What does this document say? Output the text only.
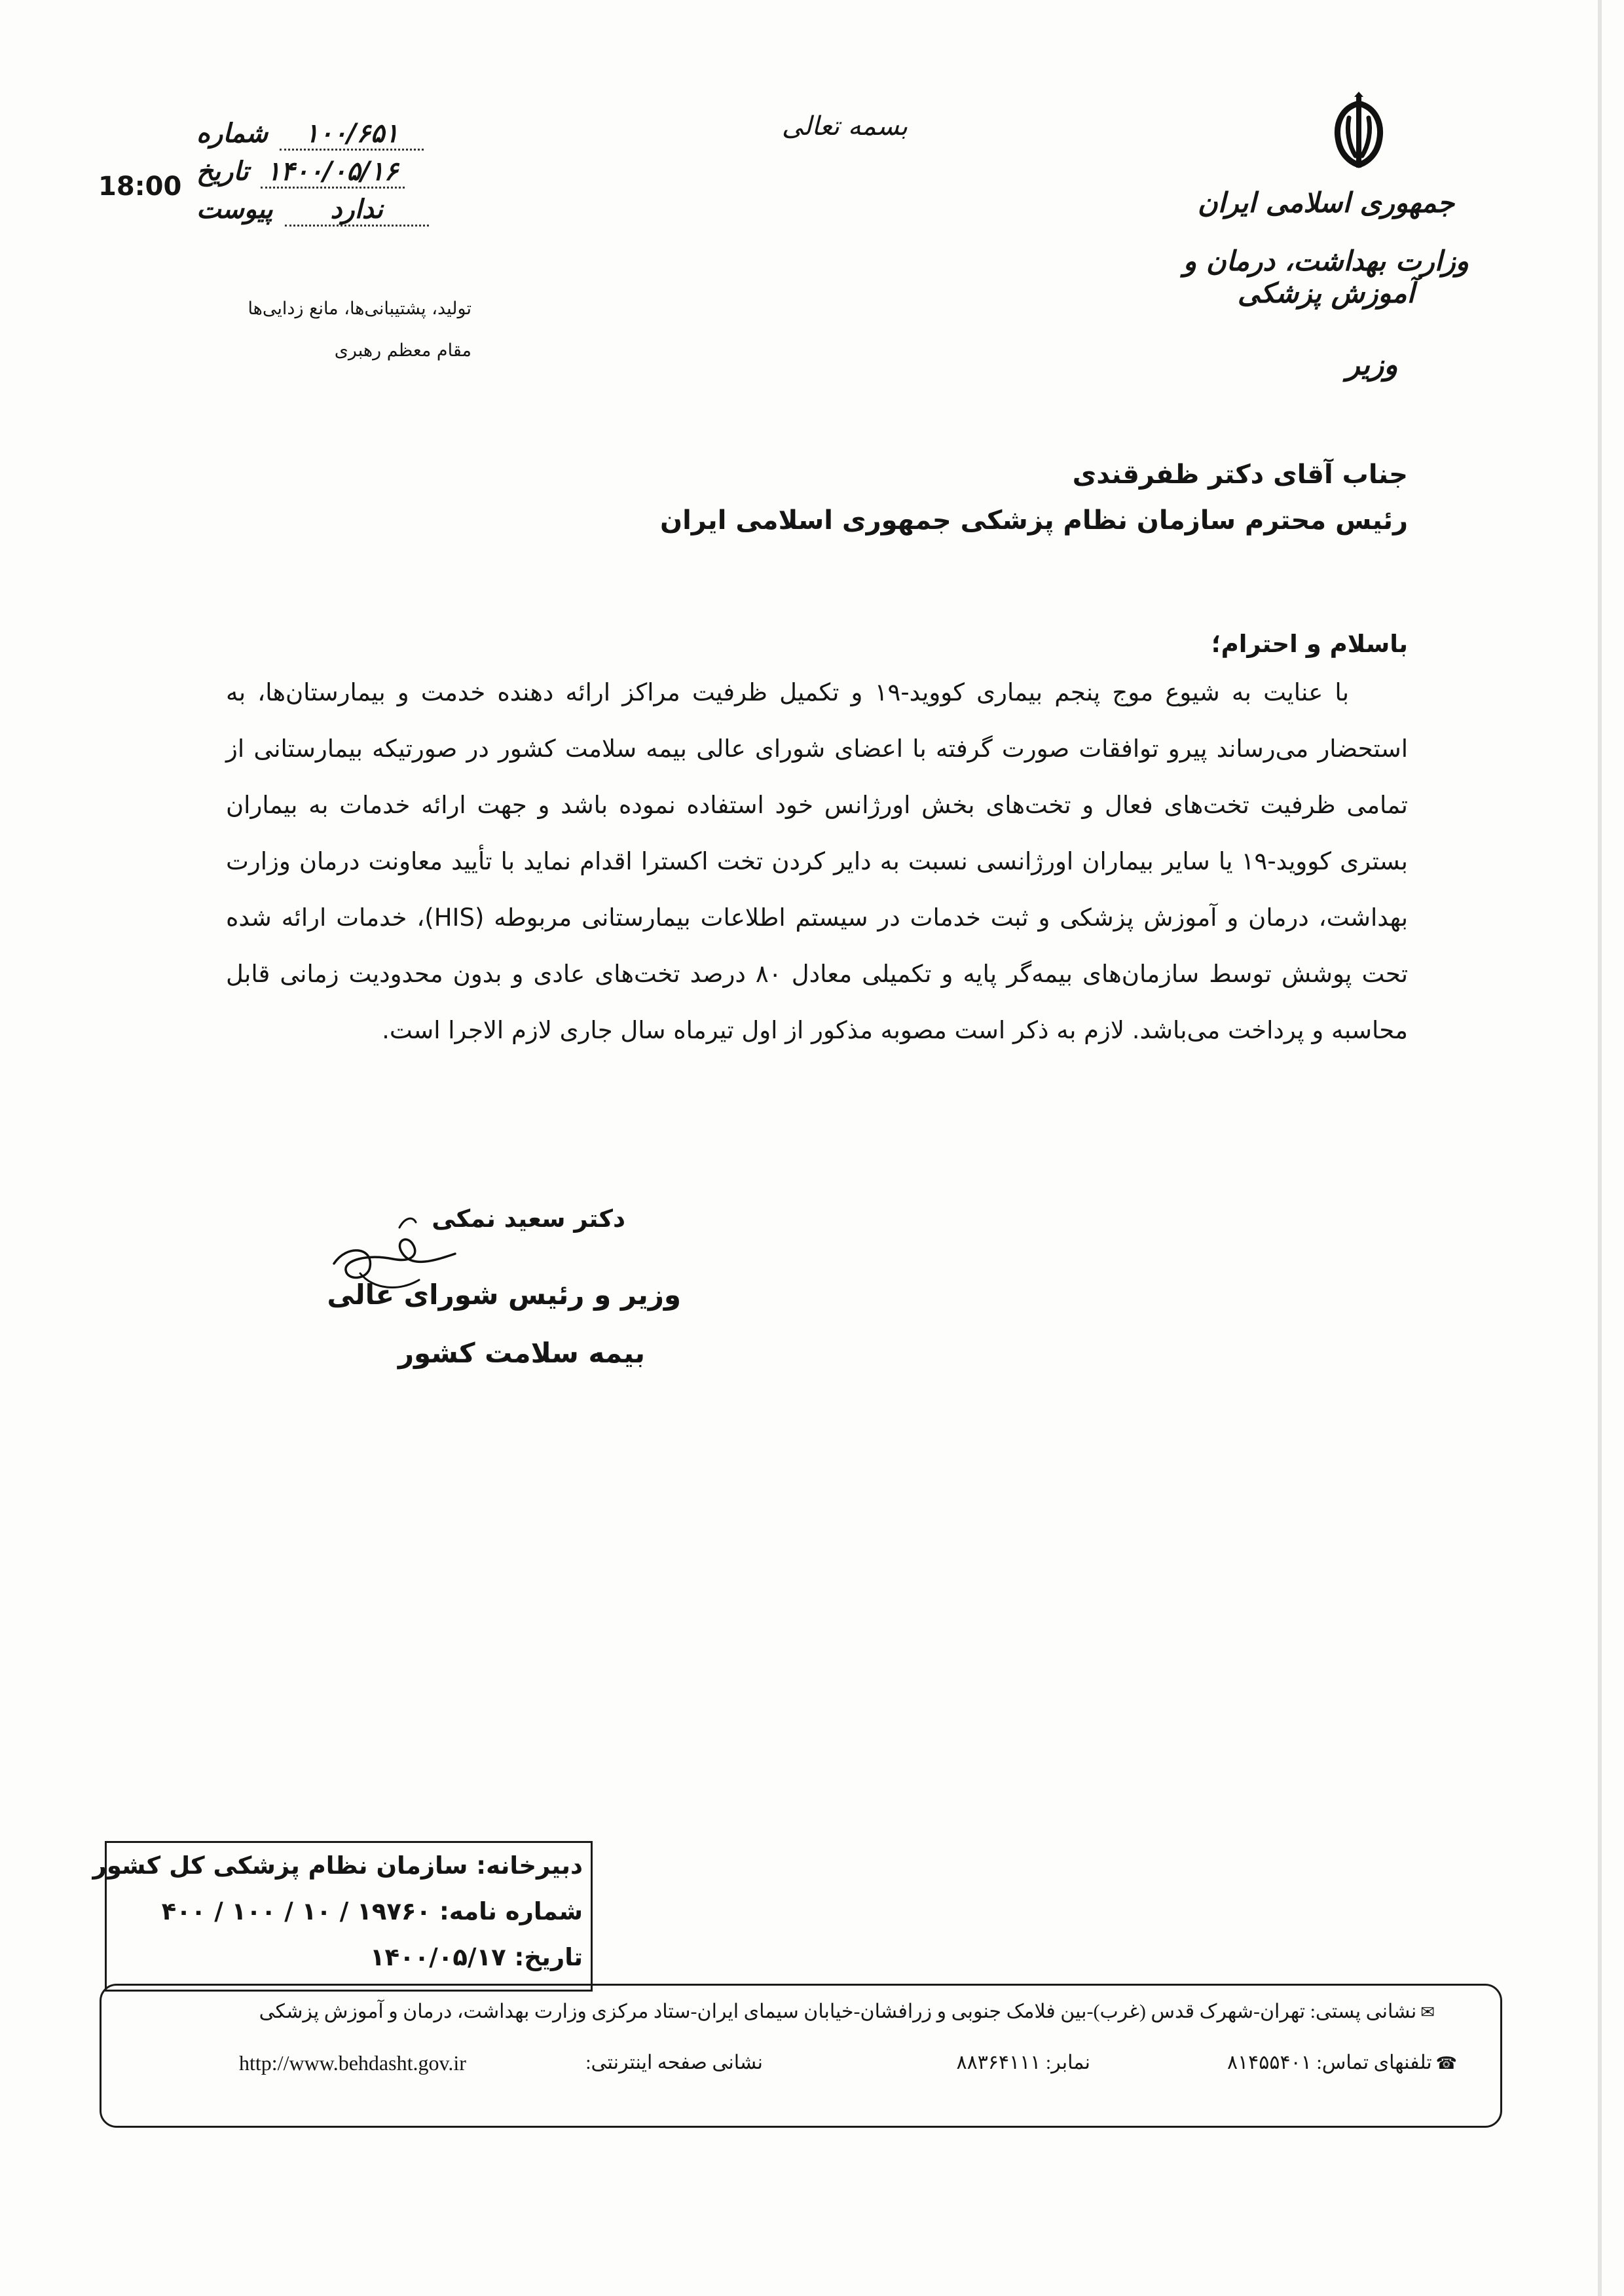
شماره	۱۰۰/۶۵۱
تاریخ ۱۴۰۰/۰۵/۱۶
پیوست	ندارد
18:00
تولید، پشتیبانی‌ها، مانع زدایی‌ها
مقام معظم رهبری
بسمه تعالی
جمهوری اسلامی ایران
وزارت بهداشت، درمان و آموزش پزشکی
وزیر
جناب آقای دکتر ظفرقندی
رئیس محترم سازمان نظام پزشکی جمهوری اسلامی ایران
باسلام و احترام؛
با عنایت به شیوع موج پنجم بیماری کووید-۱۹ و تکمیل ظرفیت مراکز ارائه دهنده خدمت و بیمارستان‌ها، به استحضار می‌رساند پیرو توافقات صورت گرفته با اعضای شورای عالی بیمه سلامت کشور در صورتیکه بیمارستانی از تمامی ظرفیت تخت‌های فعال و تخت‌های بخش اورژانس خود استفاده نموده باشد و جهت ارائه خدمات به بیماران بستری کووید-۱۹ یا سایر بیماران اورژانسی نسبت به دایر کردن تخت اکسترا اقدام نماید با تأیید معاونت درمان وزارت بهداشت، درمان و آموزش پزشکی و ثبت خدمات در سیستم اطلاعات بیمارستانی مربوطه (HIS)، خدمات ارائه شده تحت پوشش توسط سازمان‌های بیمه‌گر پایه و تکمیلی معادل ۸۰ درصد تخت‌های عادی و بدون محدودیت زمانی قابل محاسبه و پرداخت می‌باشد. لازم به ذکر است مصوبه مذکور از اول تیرماه سال جاری لازم الاجرا است.
دکتر سعید نمکی
وزیر و رئیس شورای عالی
بیمه سلامت کشور
دبیرخانه: سازمان نظام پزشکی کل کشور
شماره نامه: ۱۹۷۶۰ / ۱۰ / ۱۰۰ / ۴۰۰
تاریخ: ۱۴۰۰/۰۵/۱۷
✉نشانی پستی: تهران-شهرک قدس (غرب)-بین فلامک جنوبی و زرافشان-خیابان سیمای ایران-ستاد مرکزی وزارت بهداشت، درمان و آموزش پزشکی
☎تلفنهای تماس: ۸۱۴۵۵۴۰۱
نمابر: ۸۸۳۶۴۱۱۱
نشانی صفحه اینترنتی:
http://www.behdasht.gov.ir
